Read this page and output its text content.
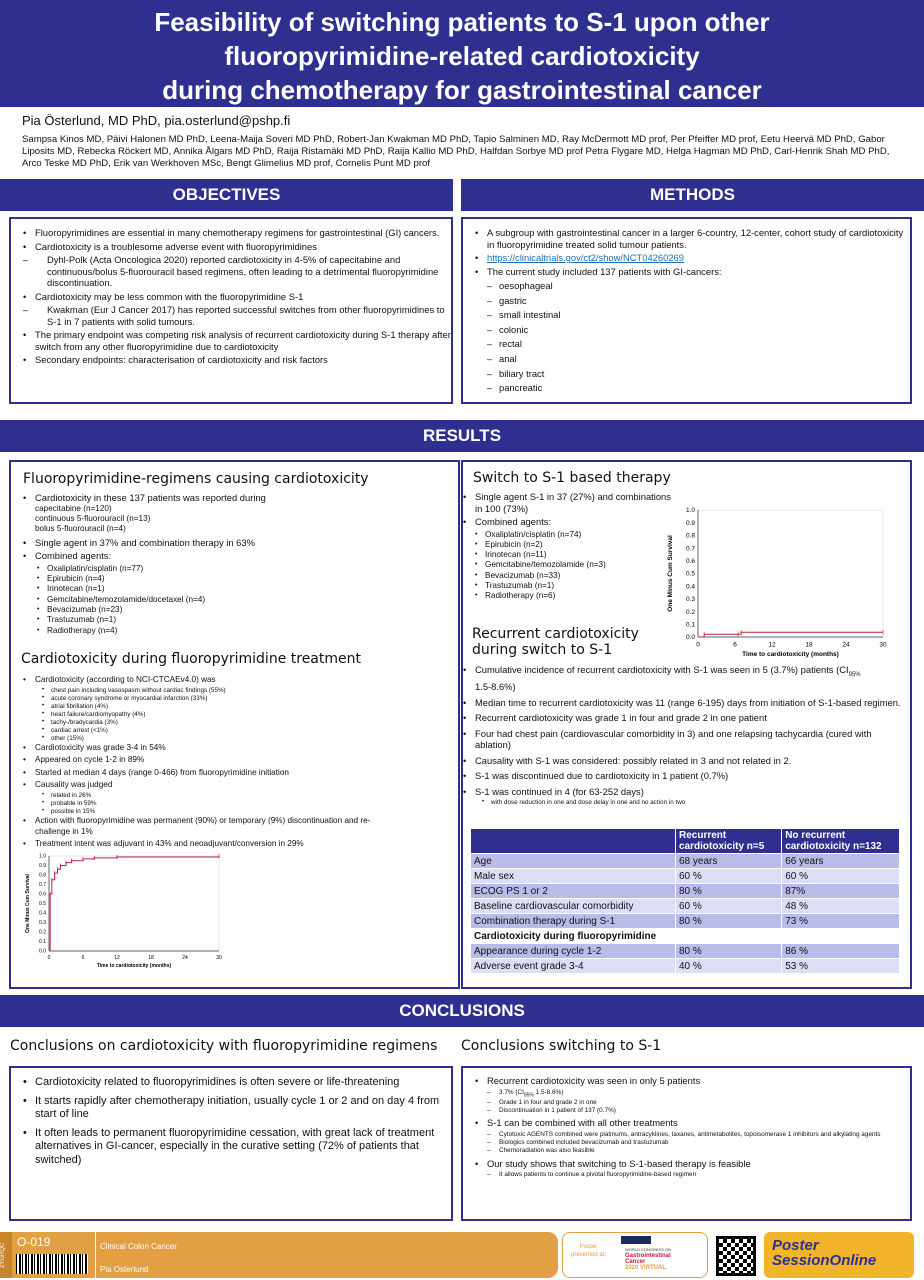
Feasibility of switching patients to S-1 upon other
fluoropyrimidine-related cardiotoxicity
during chemotherapy for gastrointestinal cancer
Pia Österlund, MD PhD, pia.osterlund@pshp.fi
Sampsa Kinos MD, Päivi Halonen MD PhD, Leena-Maija Soveri MD PhD, Robert-Jan Kwakman MD PhD, Tapio Salminen MD, Ray McDermott MD prof, Per Pfeiffer MD prof, Eetu Heervä MD PhD, Gabor Liposits MD, Rebecka Röckert MD, Annika Ålgars MD PhD, Raija Ristamäki MD PhD, Raija Kallio MD PhD, Halfdan Sorbye MD prof Petra Flygare MD, Helga Hagman MD PhD, Carl-Henrik Shah MD PhD, Arco Teske MD PhD, Erik van Werkhoven MSc, Bengt Glimelius MD prof, Cornelis Punt MD prof
OBJECTIVES	METHODS
• Fluoropyrimidines are essential in many chemotherapy regimens for gastrointestinal (GI) cancers.
• Cardiotoxicity is a troublesome adverse event with fluoropyrimidines
– Dyhl-Polk (Acta Oncologica 2020) reported cardiotoxicity in 4-5% of capecitabine and continuous/bolus 5-fluorouracil based regimens, often leading to a detrimental fluoropyrimidine discontinuation.
• Cardiotoxicity may be less common with the fluoropyrimidine S-1
– Kwakman (Eur J Cancer 2017) has reported successful switches from other fluoropyrimidines to S-1 in 7 patients with solid tumours.
• The primary endpoint was competing risk analysis of recurrent cardiotoxicity during S-1 therapy after switch from any other fluoropyrimidine due to cardiotoxicity
• Secondary endpoints: characterisation of cardiotoxicity and risk factors
• A subgroup with gastrointestinal cancer in a larger 6-country, 12-center, cohort study of cardiotoxicity in fluoropyrimidine treated solid tumour patients.
• https://clinicaltrials.gov/ct2/show/NCT04260269
• The current study included 137 patients with GI-cancers:
– oesophageal
– gastric
– small intestinal
– colonic
– rectal
– anal
– biliary tract
– pancreatic
RESULTS
Fluoropyrimidine-regimens causing cardiotoxicity
• Cardiotoxicity in these 137 patients was reported during
capecitabine (n=120)
continuous 5-fluorouracil (n=13)
bolus 5-fluorouracil (n=4)
• Single agent in 37% and combination therapy in 63%
• Combined agents:
• Oxaliplatin/cisplatin (n=77)
• Epirubicin (n=4)
• Irinotecan (n=1)
• Gemcitabine/temozolamide/docetaxel (n=4)
• Bevacizumab (n=23)
• Trastuzumab (n=1)
• Radiotherapy (n=4)
Cardiotoxicity during fluoropyrimidine treatment
• Cardiotoxicity (according to NCI-CTCAEv4.0) was
• chest pain including vasospasm without cardiac findings (55%)
• acute coronary syndrome or myocardial infarction (33%)
• atrial fibrillation (4%)
• heart failure/cardiomyopathy (4%)
• tachy-/bradycardia (3%)
• cardiac arrest (<1%)
• other (15%)
• Cardiotoxicity was grade 3-4 in 54%
• Appeared on cycle 1-2 in 89%
• Started at median 4 days (range 0-466) from fluoropyrimidine initiation
• Causality was judged
• related in 26%
• probable in 59%
• possible in 15%
• Action with fluoropyrimidine was permanent (90%) or temporary (9%) discontinuation and re-challenge in 1%
• Treatment intent was adjuvant in 43% and neoadjuvant/conversion in 29%
0.0
0.1
0.2
0.3
0.4
0.5
0.6
0.7
0.8
0.9
1.0
0	6	12	18	24	30
Time to cardiotoxicity (months)
One Minus Cum Survival
Switch to S-1 based therapy
• Single agent S-1 in 37 (27%) and combinations in 100 (73%)
• Combined agents:
• Oxaliplatin/cisplatin (n=74)
• Epirubicin (n=2)
• Irinotecan (n=11)
• Gemcitabine/temozolamide (n=3)
• Bevacizumab (n=33)
• Trastuzumab (n=1)
• Radiotherapy (n=6)
0.0
0.1
0.2
0.3
0.4
0.5
0.6
0.7
0.8
0.9
1.0
0	6	12	18	24	30
Time to cardiotoxicity (months)
One Minus Cum Survival
Recurrent cardiotoxicity
during switch to S-1
• Cumulative incidence of recurrent cardiotoxicity with S-1 was seen in 5 (3.7%) patients ($CI_{95\%}$
1.5-8.6%)
• Median time to recurrent cardiotoxicity was 11 (range 6-195) days from initiation of S-1-based regimen.
• Recurrent cardiotoxicity was grade 1 in four and grade 2 in one patient
• Four had chest pain (cardiovascular comorbidity in 3) and one relapsing tachycardia (cured with ablation)
• Causality with S-1 was considered: possibly related in 3 and not related in 2.
• S-1 was discontinued due to cardiotoxicity in 1 patient (0.7%)
• S-1 was continued in 4 (for 63-252 days)
• with dose reduction in one and dose delay in one and no action in two
	Recurrent cardiotoxicity n=5	No recurrent cardiotoxicity n=132
Age	68 years	66 years
Male sex	60 %	60 %
ECOG PS 1 or 2	80 %	87%
Baseline cardiovascular comorbidity	60 %	48 %
Combination therapy during S-1	80 %	73 %
Cardiotoxicity during fluoropyrimidine		
Appearance during cycle 1-2	80 %	86 %
Adverse event grade 3-4	40 %	53 %
CONCLUSIONS
Conclusions on cardiotoxicity with fluoropyrimidine regimens Conclusions switching to S-1
• Cardiotoxicity related to fluoropyrimidines is often severe or life-threatening
• It starts rapidly after chemotherapy initiation, usually cycle 1 or 2 and on day 4 from start of line
• It often leads to permanent fluoropyrimidine cessation, with great lack of treatment alternatives in GI-cancer, especially in the curative setting (72% of patients that switched)
• Recurrent cardiotoxicity was seen in only 5 patients
– 3.7% ($CI_{95\%}$ 1.5-8.6%)
– Grade 1 in four and grade 2 in one
– Discontinuation in 1 patient of 137 (0.7%)
• S-1 can be combined with all other treatments
– Cytotoxic AGENTS combined were platinums, antracyklines, taxanes, antimetabolites, topoisomerase 1 inhibitors and alkylating agents
– Biologics combined included bevacizumab and trastuzumab
– Chemoradiation was also feasible
• Our study shows that switching to S-1-based therapy is feasible
– It allows patients to continue a pivotal fluoropyrimidine-based regimen
2YGRQC
O-019	Clinical Colon Cancer
Pia Osterlund
Poster
presented at:
WORLD CONGRESS ON
Gastrointestinal
Cancer
2020 VIRTUAL
Poster
SessionOnline
